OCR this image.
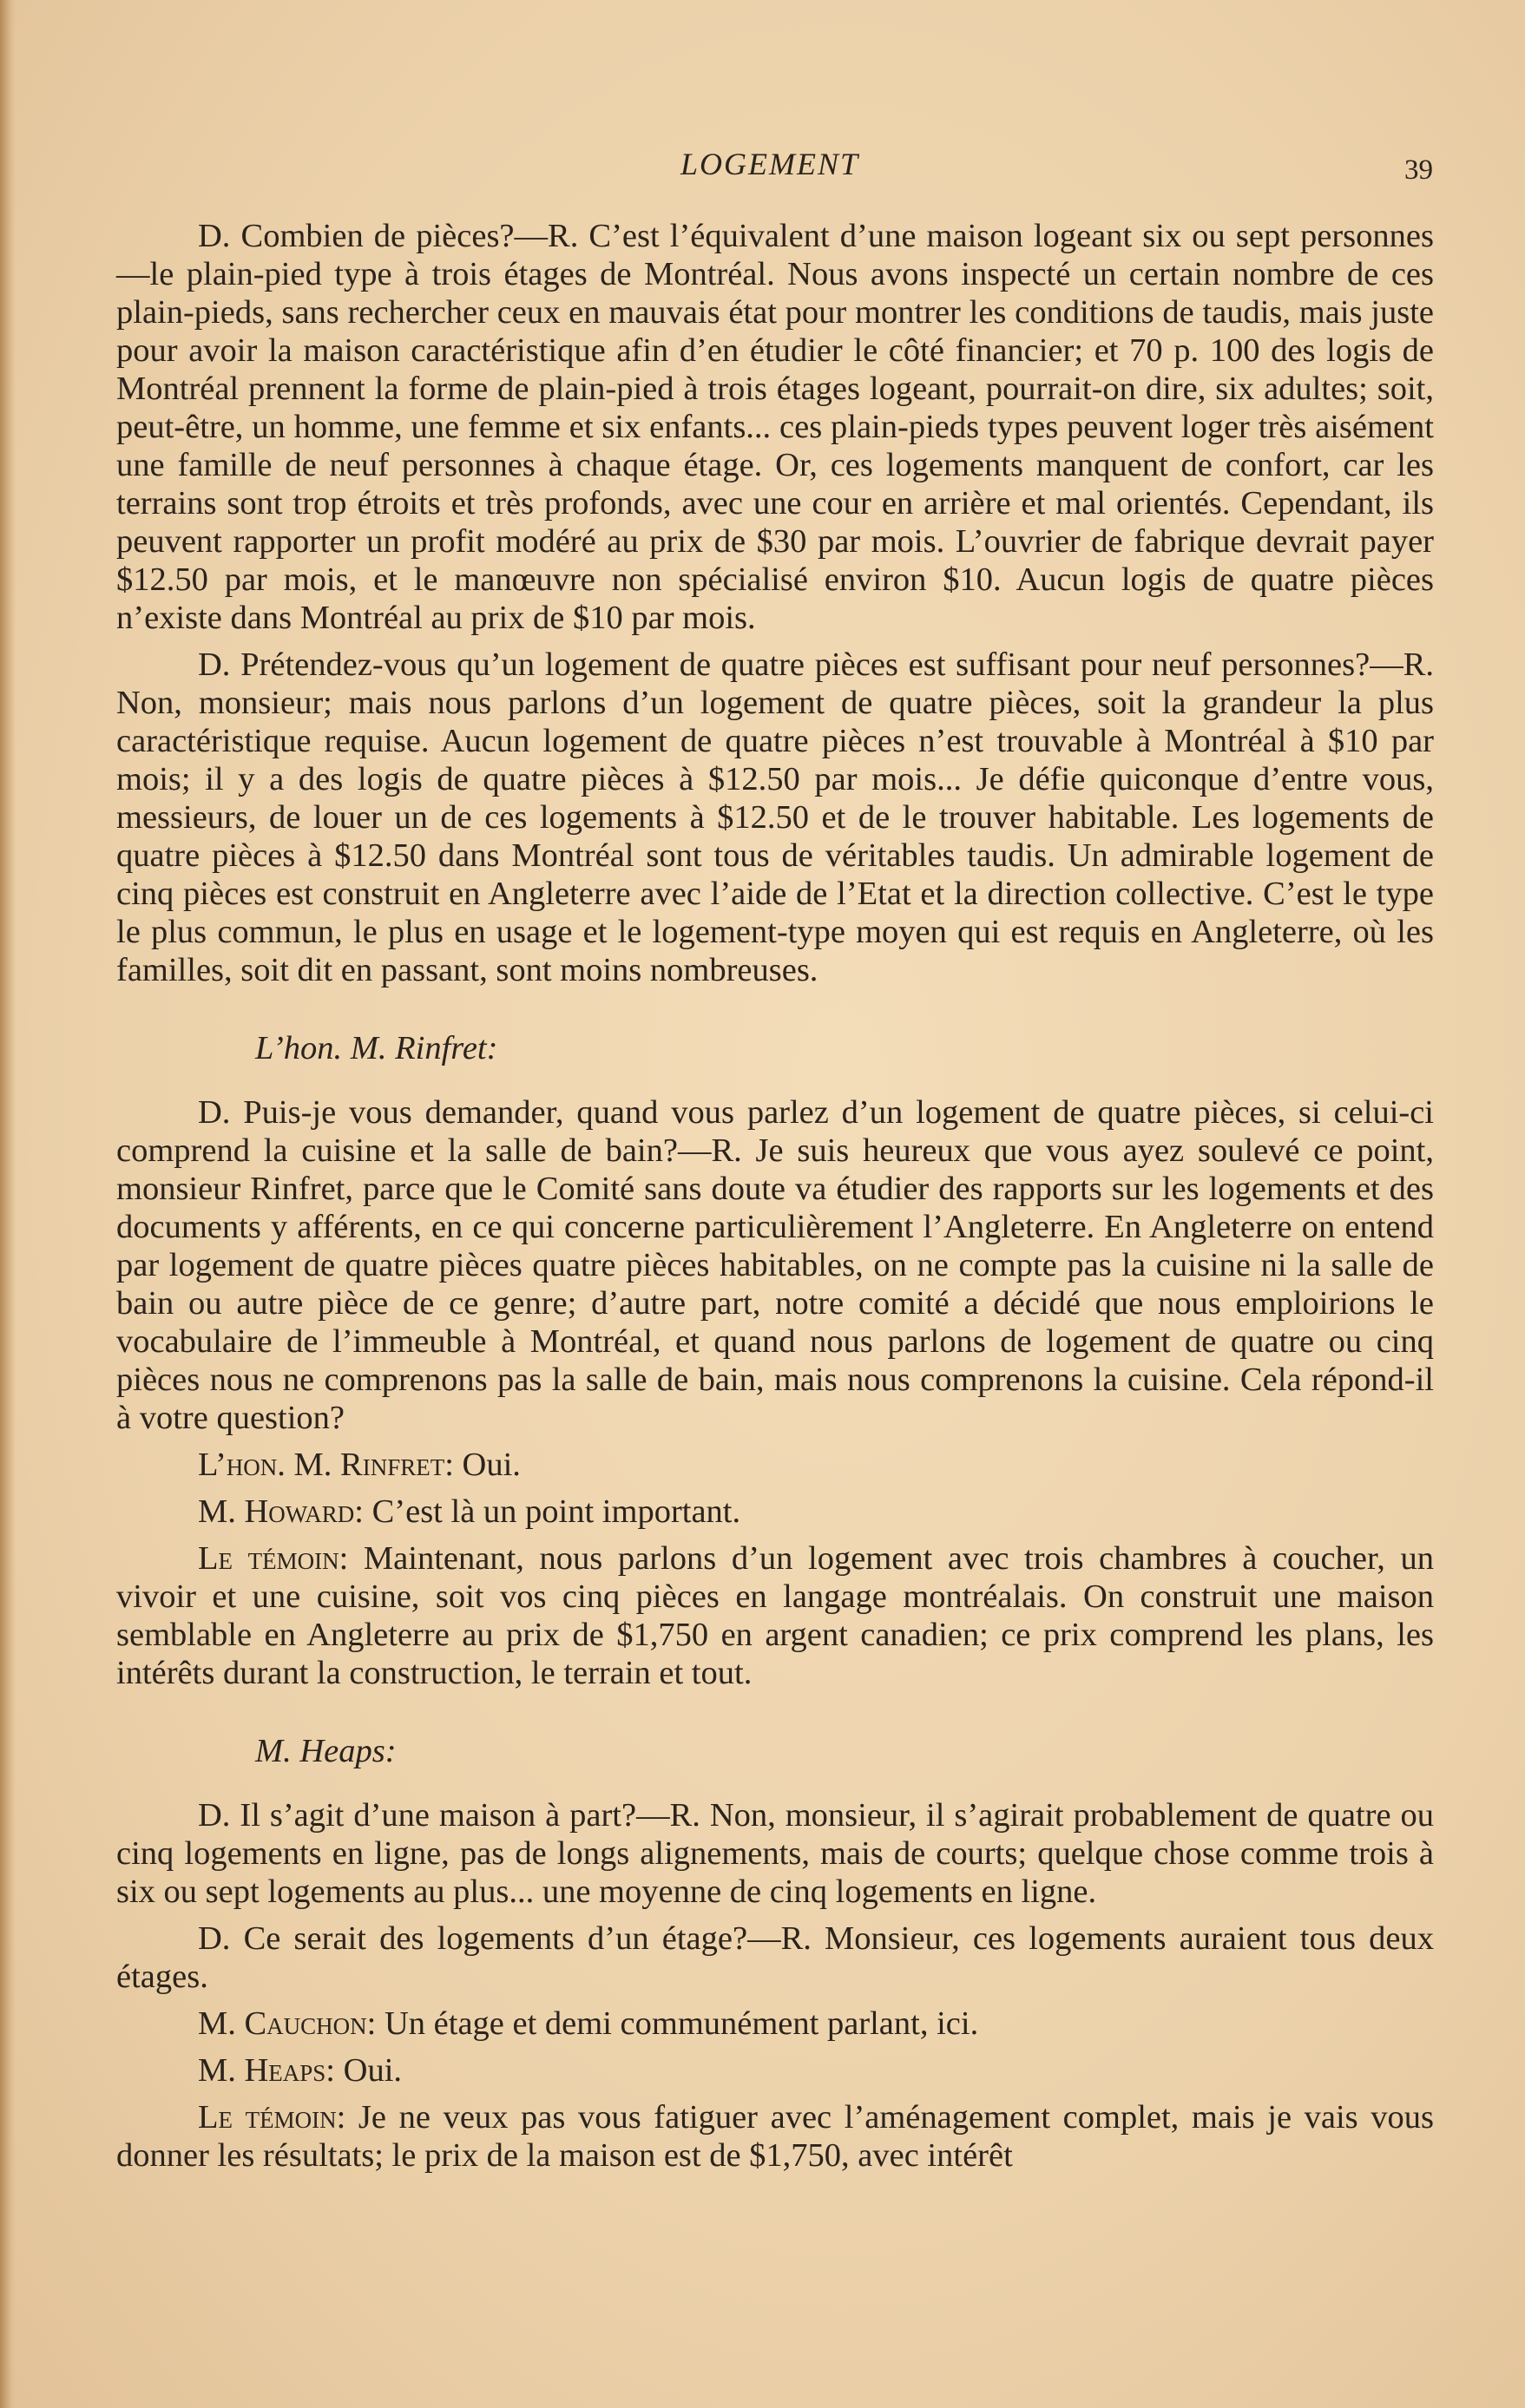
LOGEMENT	39

D. Combien de pièces?—R. C’est l’équivalent d’une maison logeant six ou sept personnes—le plain-pied type à trois étages de Montréal. Nous avons inspecté un certain nombre de ces plain-pieds, sans rechercher ceux en mauvais état pour montrer les conditions de taudis, mais juste pour avoir la maison caractéristique afin d’en étudier le côté financier; et 70 p. 100 des logis de Montréal prennent la forme de plain-pied à trois étages logeant, pourrait-on dire, six adultes; soit, peut-être, un homme, une femme et six enfants... ces plain-pieds types peuvent loger très aisément une famille de neuf personnes à chaque étage. Or, ces logements manquent de confort, car les terrains sont trop étroits et très profonds, avec une cour en arrière et mal orientés. Cependant, ils peuvent rapporter un profit modéré au prix de $30 par mois. L’ouvrier de fabrique devrait payer $12.50 par mois, et le manœuvre non spécialisé environ $10. Aucun logis de quatre pièces n’existe dans Montréal au prix de $10 par mois.

D. Prétendez-vous qu’un logement de quatre pièces est suffisant pour neuf personnes?—R. Non, monsieur; mais nous parlons d’un logement de quatre pièces, soit la grandeur la plus caractéristique requise. Aucun logement de quatre pièces n’est trouvable à Montréal à $10 par mois; il y a des logis de quatre pièces à $12.50 par mois... Je défie quiconque d’entre vous, messieurs, de louer un de ces logements à $12.50 et de le trouver habitable. Les logements de quatre pièces à $12.50 dans Montréal sont tous de véritables taudis. Un admirable logement de cinq pièces est construit en Angleterre avec l’aide de l’Etat et la direction collective. C’est le type le plus commun, le plus en usage et le logement-type moyen qui est requis en Angleterre, où les familles, soit dit en passant, sont moins nombreuses.

L’hon. M. Rinfret:

D. Puis-je vous demander, quand vous parlez d’un logement de quatre pièces, si celui-ci comprend la cuisine et la salle de bain?—R. Je suis heureux que vous ayez soulevé ce point, monsieur Rinfret, parce que le Comité sans doute va étudier des rapports sur les logements et des documents y afférents, en ce qui concerne particulièrement l’Angleterre. En Angleterre on entend par logement de quatre pièces quatre pièces habitables, on ne compte pas la cuisine ni la salle de bain ou autre pièce de ce genre; d’autre part, notre comité a décidé que nous emploirions le vocabulaire de l’immeuble à Montréal, et quand nous parlons de logement de quatre ou cinq pièces nous ne comprenons pas la salle de bain, mais nous comprenons la cuisine. Cela répond-il à votre question?

L’hon. M. Rinfret: Oui.

M. Howard: C’est là un point important.

Le témoin: Maintenant, nous parlons d’un logement avec trois chambres à coucher, un vivoir et une cuisine, soit vos cinq pièces en langage montréalais. On construit une maison semblable en Angleterre au prix de $1,750 en argent canadien; ce prix comprend les plans, les intérêts durant la construction, le terrain et tout.

M. Heaps:

D. Il s’agit d’une maison à part?—R. Non, monsieur, il s’agirait probablement de quatre ou cinq logements en ligne, pas de longs alignements, mais de courts; quelque chose comme trois à six ou sept logements au plus... une moyenne de cinq logements en ligne.

D. Ce serait des logements d’un étage?—R. Monsieur, ces logements auraient tous deux étages.

M. Cauchon: Un étage et demi communément parlant, ici.

M. Heaps: Oui.

Le témoin: Je ne veux pas vous fatiguer avec l’aménagement complet, mais je vais vous donner les résultats; le prix de la maison est de $1,750, avec intérêt
